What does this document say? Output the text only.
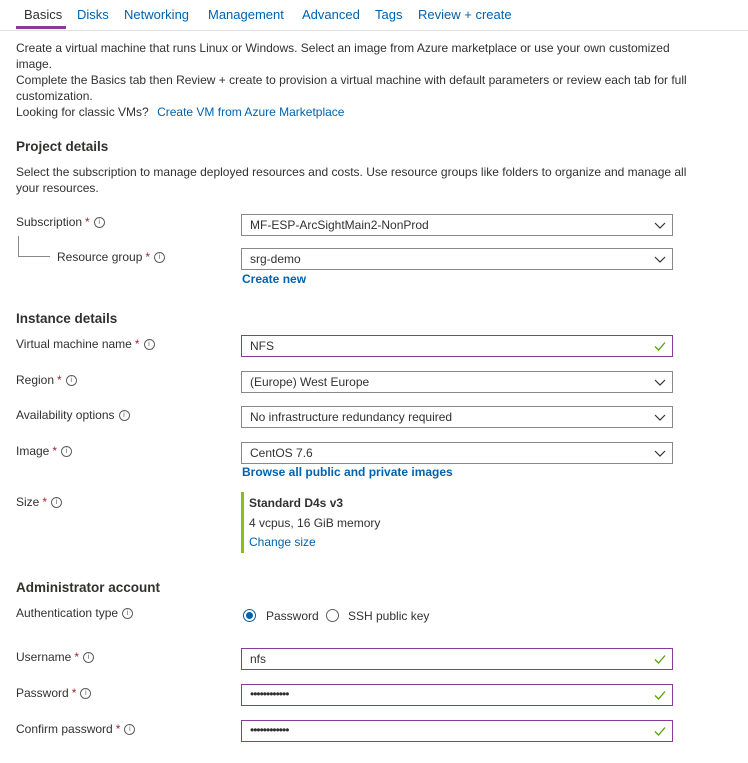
Basics Disks Networking Management Advanced Tags Review + create
Create a virtual machine that runs Linux or Windows. Select an image from Azure marketplace or use your own customized
image.
Complete the Basics tab then Review + create to provision a virtual machine with default parameters or review each tab for full
customization.
Looking for classic VMs? Create VM from Azure Marketplace
Project details
Select the subscription to manage deployed resources and costs. Use resource groups like folders to organize and manage all
your resources.
Subscription *	i	MF-ESP-ArcSightMain2-NonProd
Resource group *	i	srg-demo
Create new
Instance details
Virtual machine name *	i	NFS
Region *	i	(Europe) West Europe
Availability options	i	No infrastructure redundancy required
Image *	i	CentOS 7.6
Browse all public and private images
Size *	i	Standard D4s v3
4 vcpus, 16 GiB memory
Change size
Administrator account
Authentication type	i	Password SSH public key
Username *	i	nfs
Password *	i	••••••••••••
Confirm password *	i	••••••••••••
